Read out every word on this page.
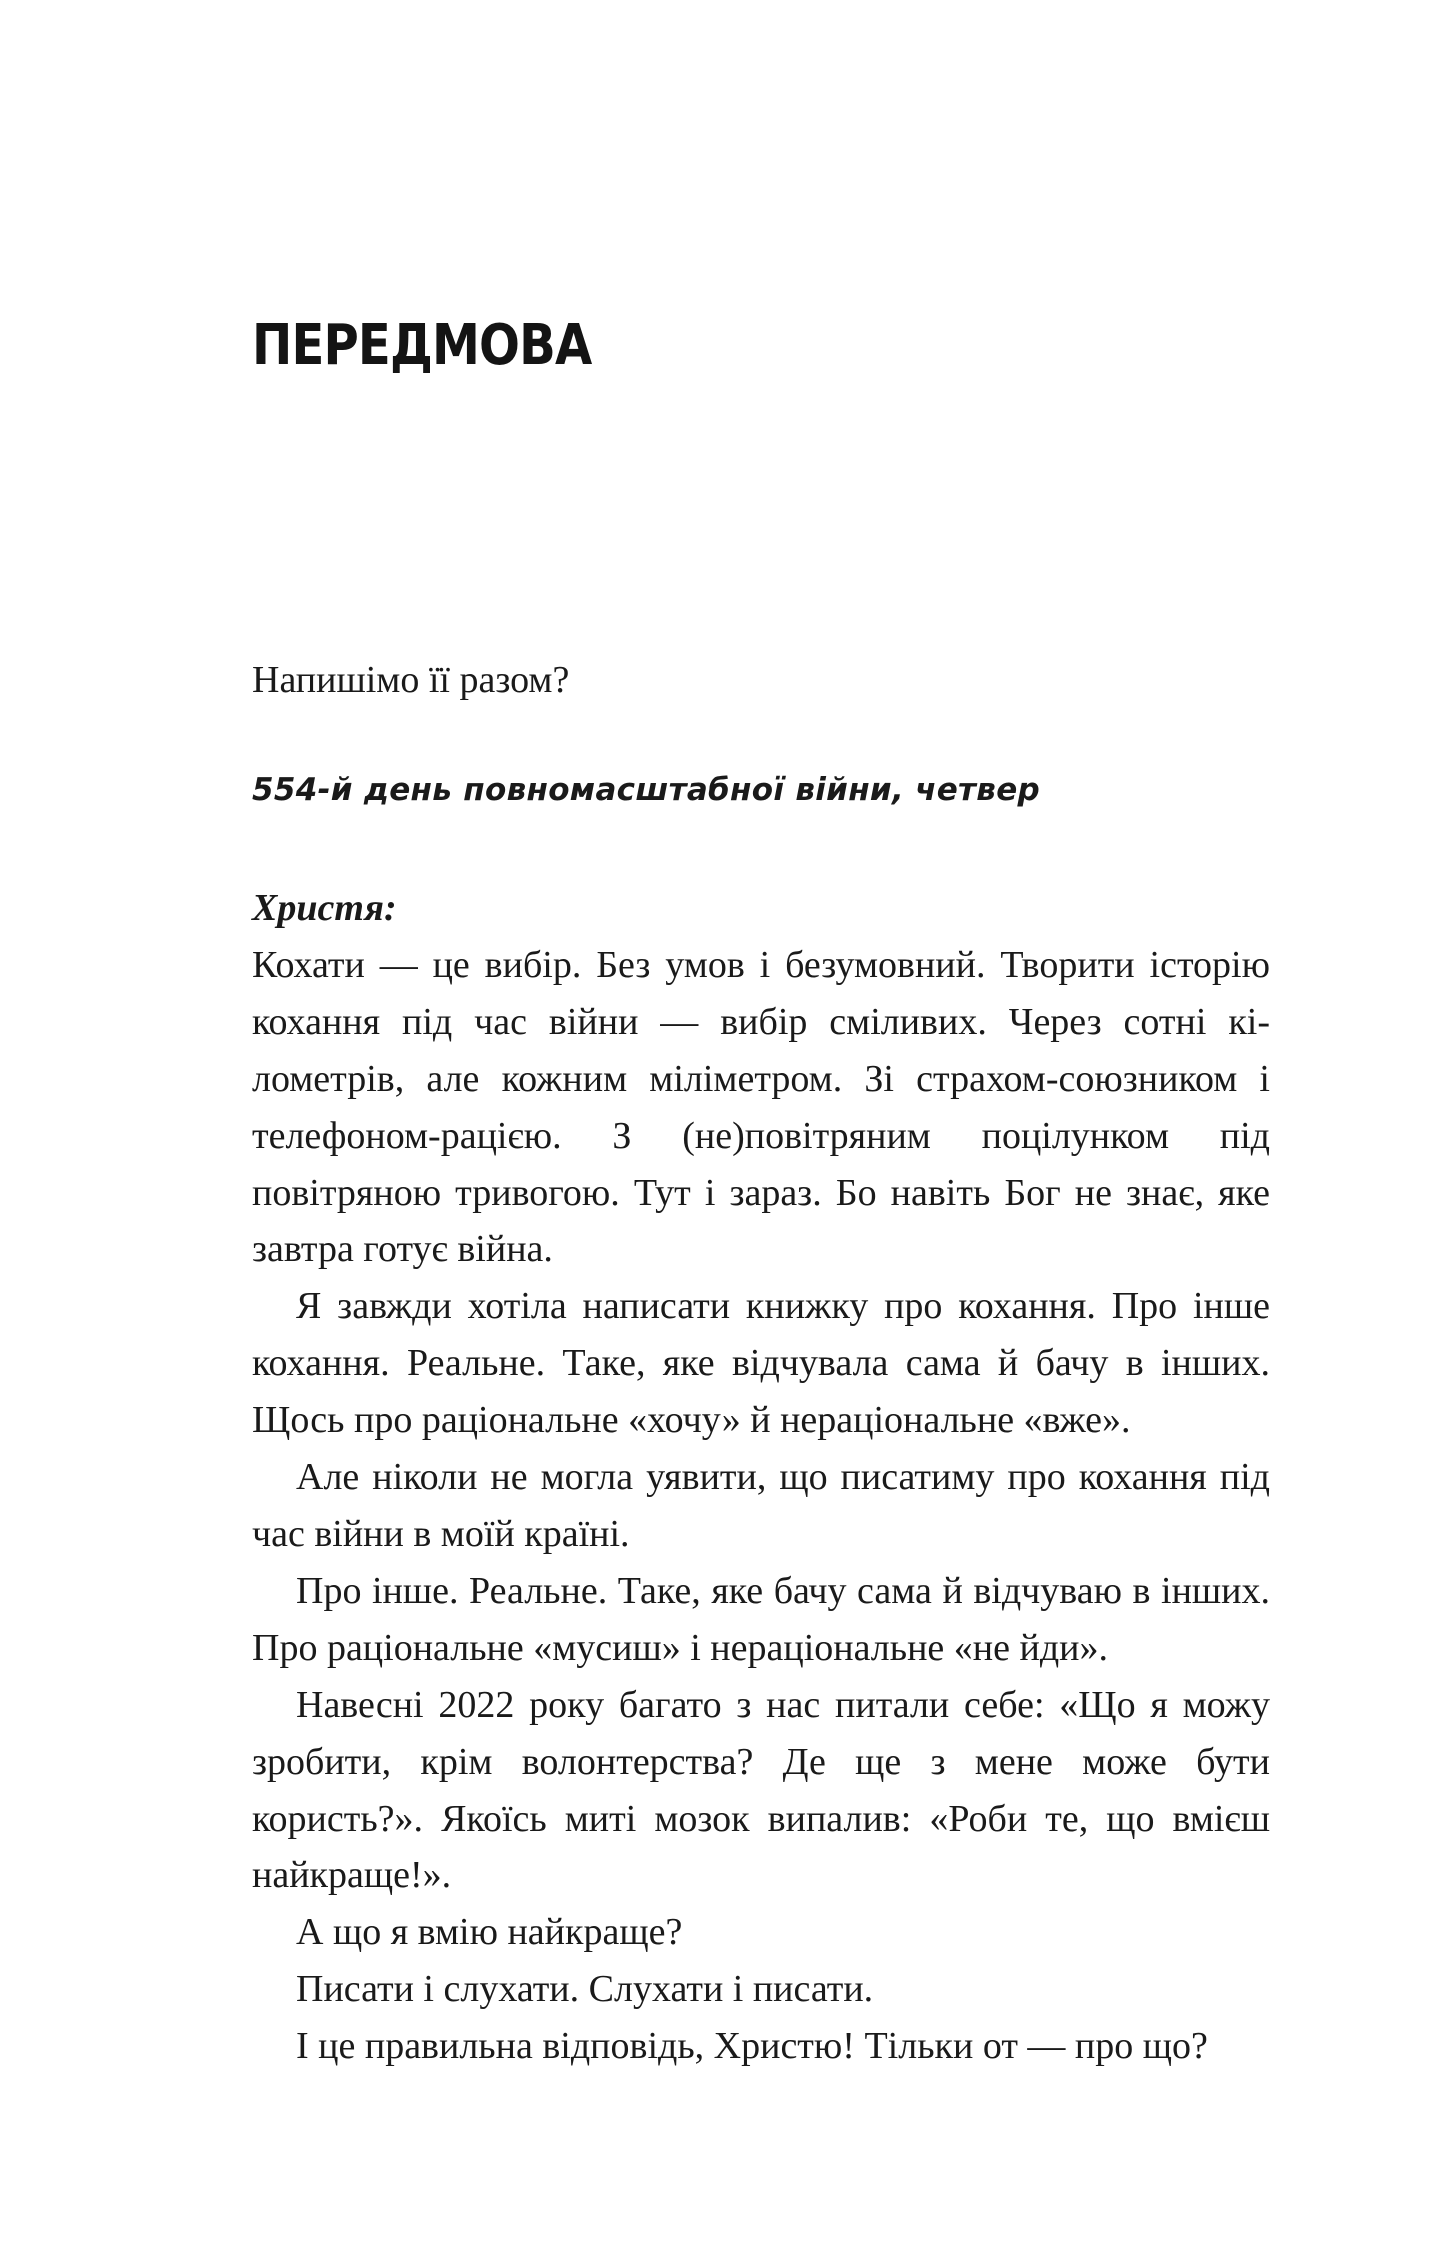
ПЕРЕДМОВА

Напишімо її разом?

554-й день повномасштабної війни, четвер

Христя:

Кохати — це вибір. Без умов і безумовний. Творити історію кохання під час війни — вибір сміливих. Через сотні кілометрів, але кожним міліметром. Зі страхом-союзником і телефоном-рацією. З (не)повітряним поцілунком під повітряною тривогою. Тут і зараз. Бо навіть Бог не знає, яке завтра готує війна.

Я завжди хотіла написати книжку про кохання. Про інше кохання. Реальне. Таке, яке відчувала сама й бачу в інших. Щось про раціональне «хочу» й нераціональне «вже».

Але ніколи не могла уявити, що писатиму про кохання під час війни в моїй країні.

Про інше. Реальне. Таке, яке бачу сама й відчуваю в інших. Про раціональне «мусиш» і нераціональне «не йди».

Навесні 2022 року багато з нас питали себе: «Що я можу зробити, крім волонтерства? Де ще з мене може бути користь?». Якоїсь миті мозок випалив: «Роби те, що вмієш найкраще!».

А що я вмію найкраще?

Писати і слухати. Слухати і писати.

І це правильна відповідь, Христю! Тільки от — про що?
